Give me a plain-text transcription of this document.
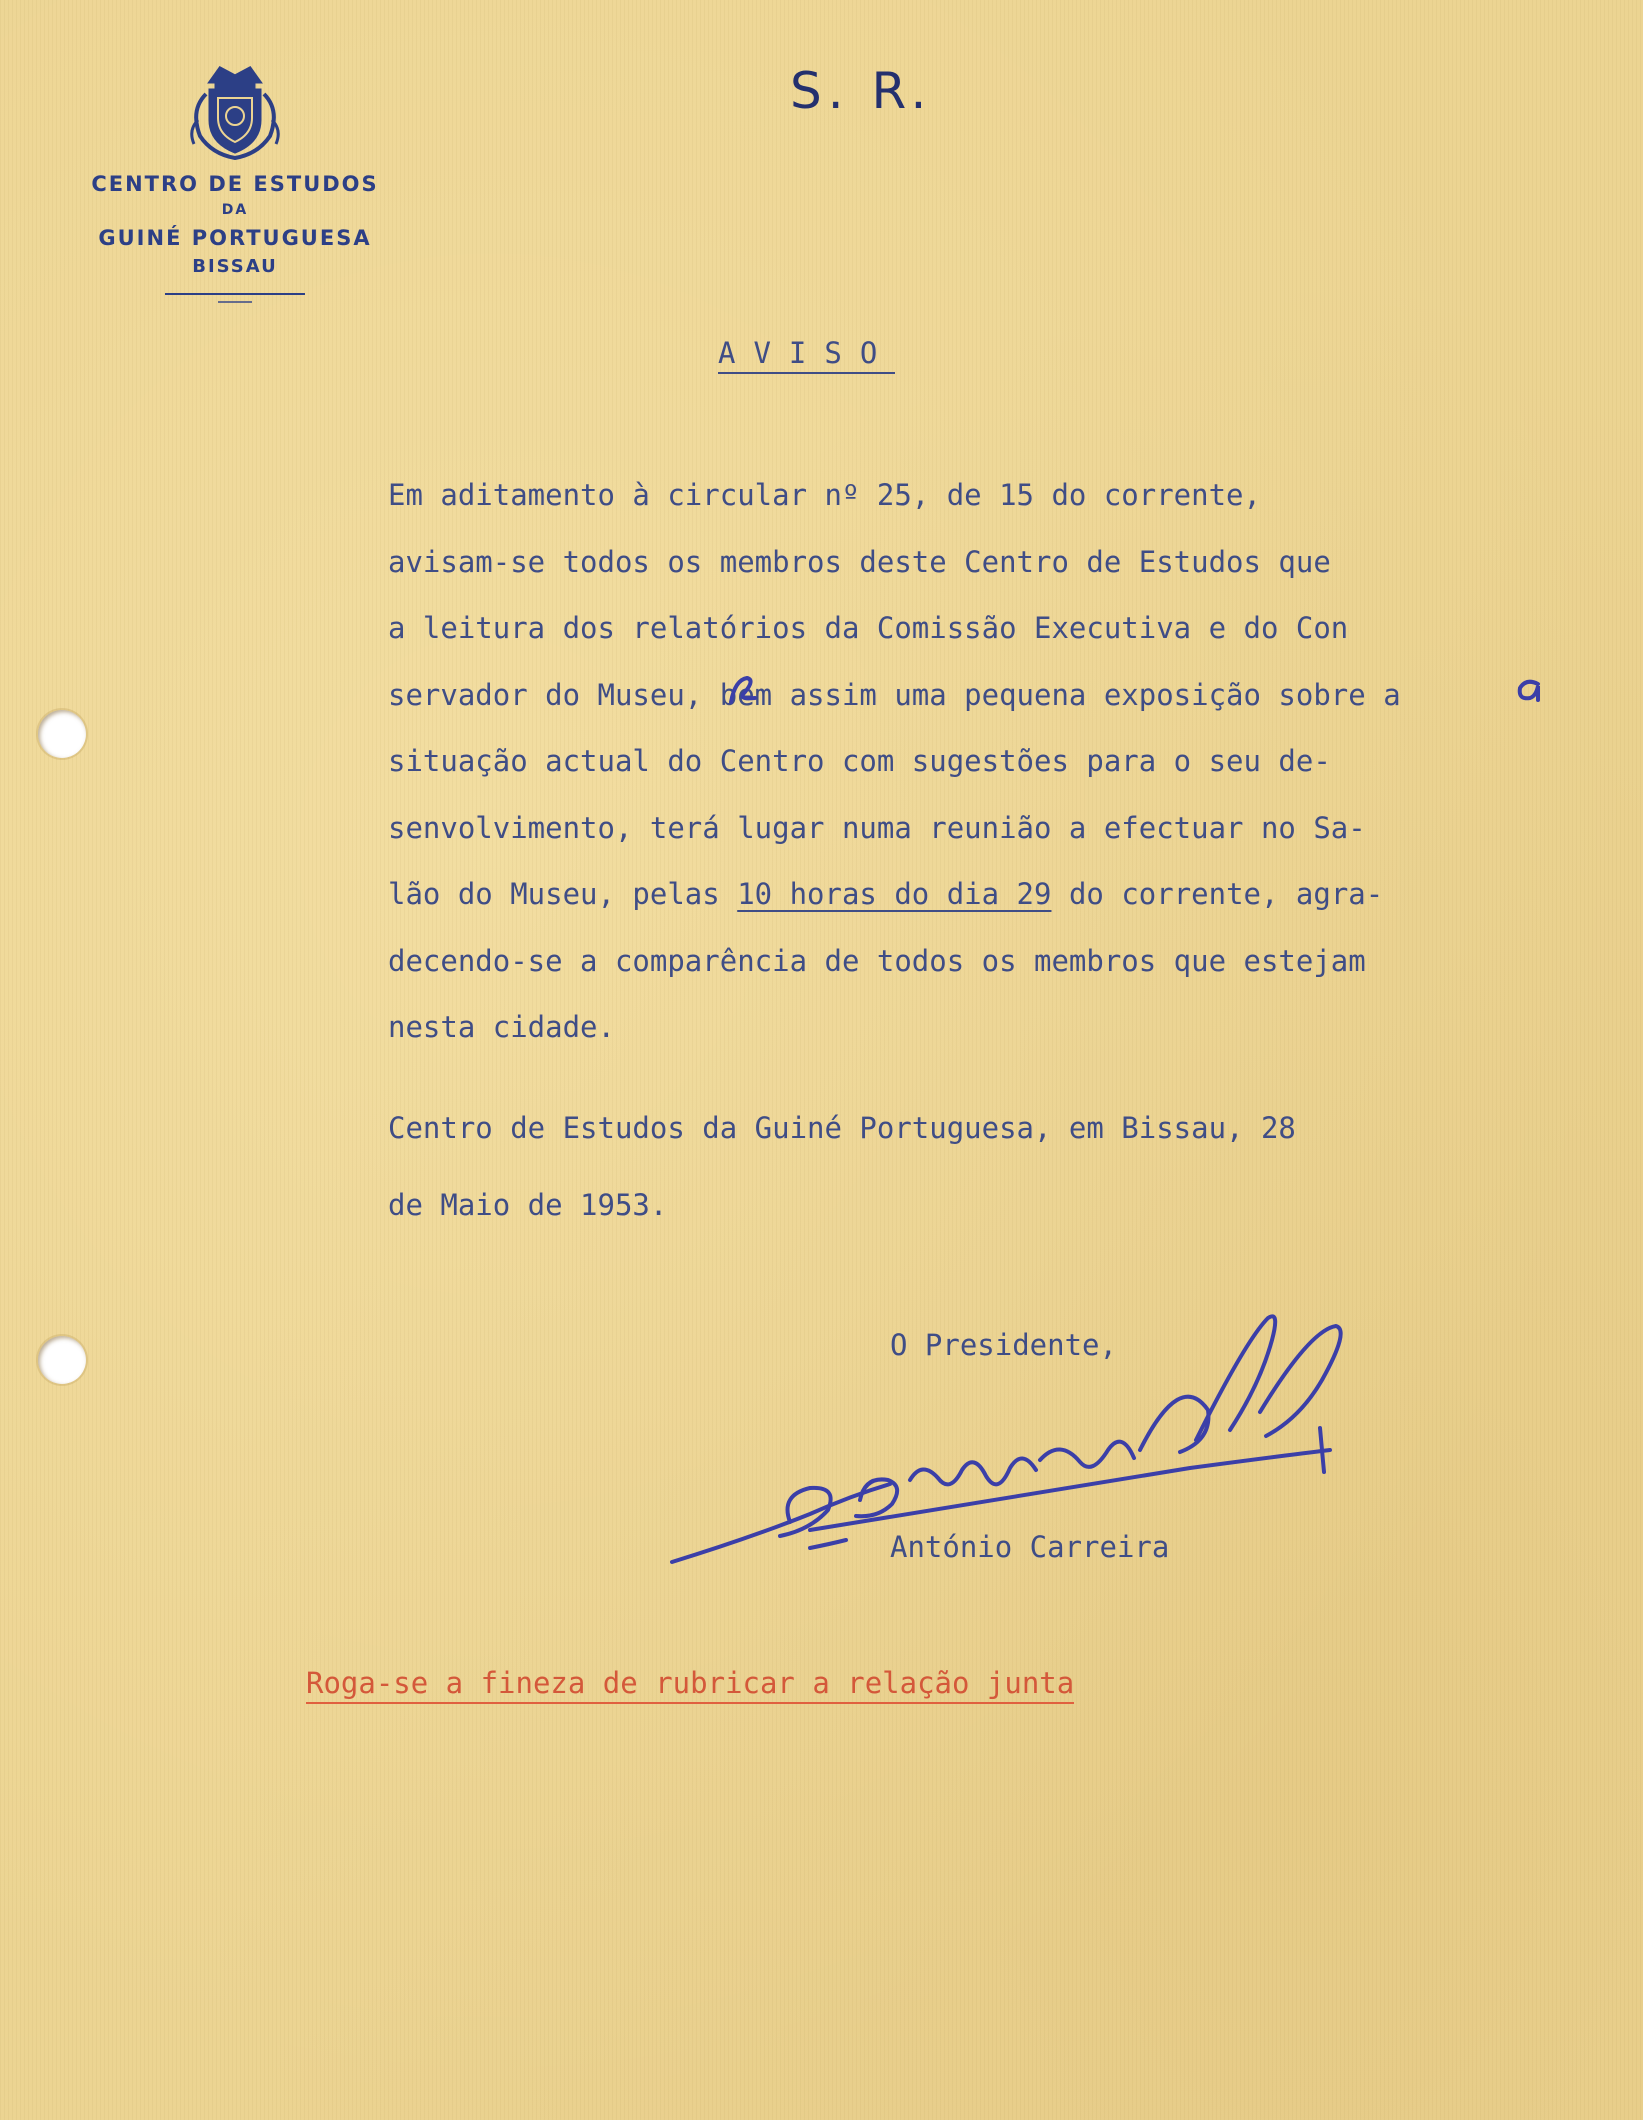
CENTRO DE ESTUDOS
DA
GUINÉ PORTUGUESA
BISSAU
S. R.
AVISO
Em aditamento à circular nº 25, de 15 do corrente,
avisam-se todos os membros deste Centro de Estudos que
a leitura dos relatórios da Comissão Executiva e do Con
servador do Museu, bem assim uma pequena exposição sobre a
situação actual do Centro com sugestões para o seu de-
senvolvimento, terá lugar numa reunião a efectuar no Sa-
lão do Museu, pelas 10 horas do dia 29 do corrente, agra-
decendo-se a comparência de todos os membros que estejam
nesta cidade.
Centro de Estudos da Guiné Portuguesa, em Bissau, 28
de Maio de 1953.
O Presidente,
António Carreira
Roga-se a fineza de rubricar a relação junta
